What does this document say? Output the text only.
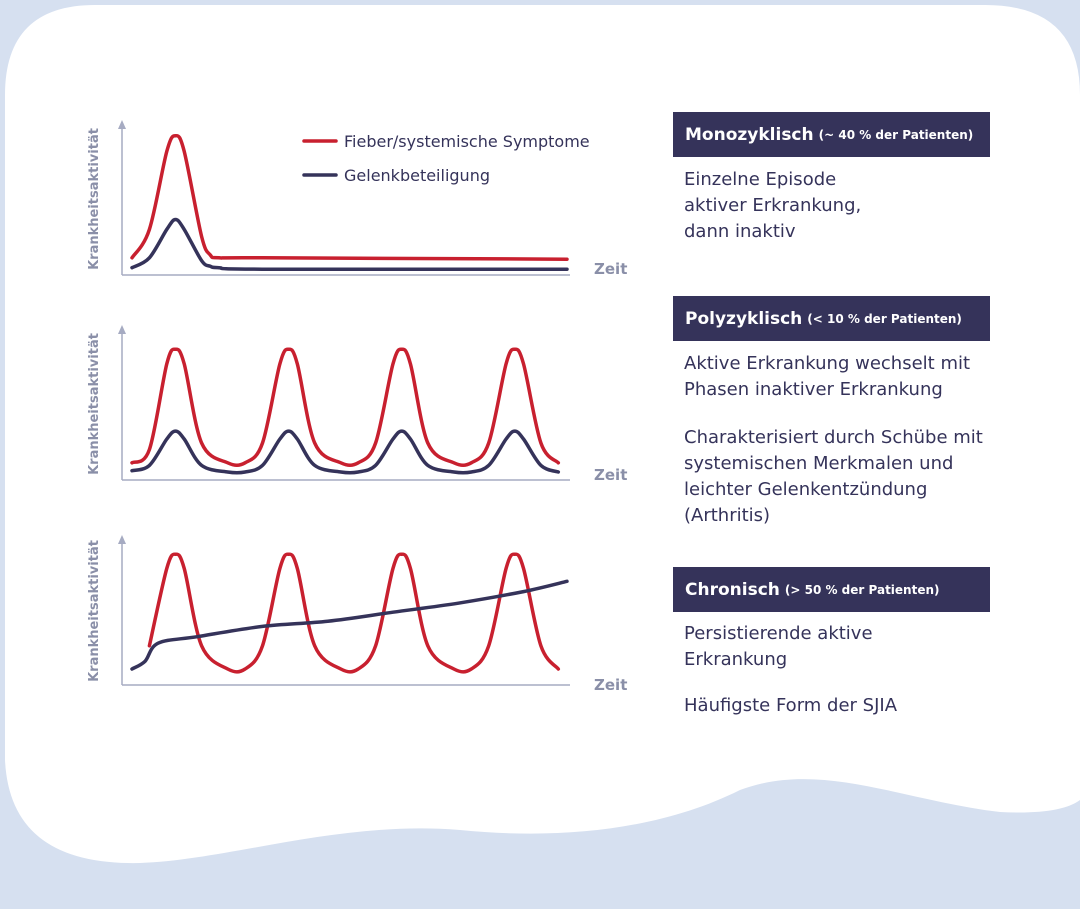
Krankheitsaktivität	Zeit
Fieber/systemische Symptome
Gelenkbeteiligung
Krankheitsaktivität
Zeit
Krankheitsaktivität
Zeit
Monozyklisch (~ 40 % der Patienten)

Einzelne Episode aktiver Erkrankung, dann inaktiv

Polyzyklisch (< 10 % der Patienten)

Aktive Erkrankung wechselt mit Phasen inaktiver Erkrankung

Charakterisiert durch Schübe mit systemischen Merkmalen und leichter Gelenkentzündung (Arthritis)

Chronisch (> 50 % der Patienten)

Persistierende aktive Erkrankung

Häufigste Form der SJIA
